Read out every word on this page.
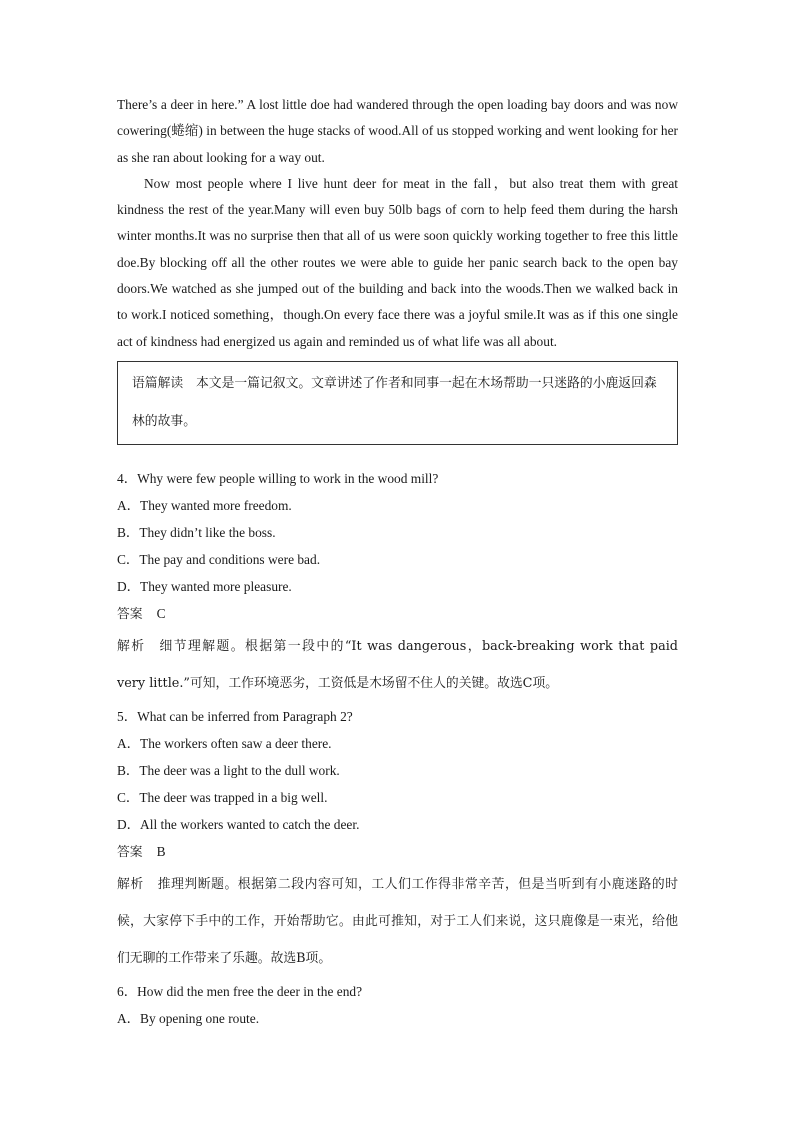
There’s a deer in here.” A lost little doe had wandered through the open loading bay doors and was now cowering(蜷缩) in between the huge stacks of wood.All of us stopped working and went looking for her as she ran about looking for a way out.

Now most people where I live hunt deer for meat in the fall，but also treat them with great kindness the rest of the year.Many will even buy 50lb bags of corn to help feed them during the harsh winter months.It was no surprise then that all of us were soon quickly working together to free this little doe.By blocking off all the other routes we were able to guide her panic search back to the open bay doors.We watched as she jumped out of the building and back into the woods.Then we walked back in to work.I noticed something，though.On every face there was a joyful smile.It was as if this one single act of kindness had energized us again and reminded us of what life was all about.

语篇解读　本文是一篇记叙文。文章讲述了作者和同事一起在木场帮助一只迷路的小鹿返回森林的故事。

4．Why were few people willing to work in the wood mill?

A．They wanted more freedom.

B．They didn’t like the boss.

C．The pay and conditions were bad.

D．They wanted more pleasure.

答案 C

解析 细节理解题。根据第一段中的“It was dangerous，back-breaking work that paid very little.”可知，工作环境恶劣，工资低是木场留不住人的关键。故选C项。

5．What can be inferred from Paragraph 2?

A．The workers often saw a deer there.

B．The deer was a light to the dull work.

C．The deer was trapped in a big well.

D．All the workers wanted to catch the deer.

答案 B

解析 推理判断题。根据第二段内容可知，工人们工作得非常辛苦，但是当听到有小鹿迷路的时候，大家停下手中的工作，开始帮助它。由此可推知，对于工人们来说，这只鹿像是一束光，给他们无聊的工作带来了乐趣。故选B项。

6．How did the men free the deer in the end?

A．By opening one route.
